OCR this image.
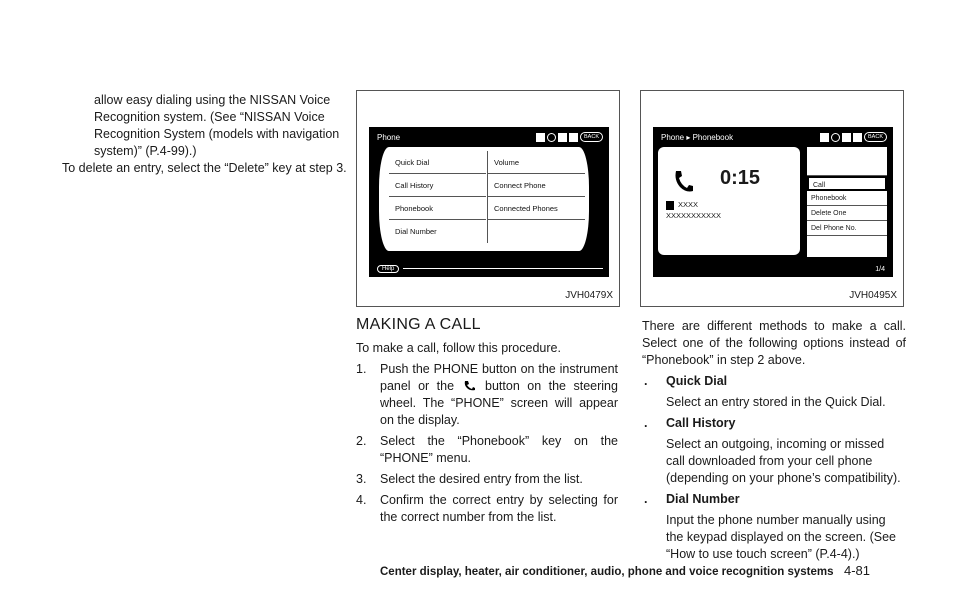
allow easy dialing using the NISSAN Voice
Recognition system. (See “NISSAN Voice
Recognition System (models with navigation
system)” (P.4-99).)

To delete an entry, select the “Delete” key at step 3.

Phone	BACK
Quick Dial
Call History
Phonebook
Dial Number
Volume
Connect Phone
Connected Phones
Help
JVH0479X
Phone ▸ Phonebook	BACK
0:15
XXXX
XXXXXXXXXXX
Call
Phonebook
Delete One
Del Phone No.
1/4
JVH0495X
MAKING A CALL
To make a call, follow this procedure.
1. Push the PHONE button on the instrument panel or the button on the steering wheel. The “PHONE” screen will appear on the display.
2. Select the “Phonebook” key on the “PHONE” menu.
3. Select the desired entry from the list.
4. Confirm the correct entry by selecting for the correct number from the list.
There are different methods to make a call. Select one of the following options instead of “Phonebook” in step 2 above.
. Quick Dial
Select an entry stored in the Quick Dial.
. Call History
Select an outgoing, incoming or missed call downloaded from your cell phone (depending on your phone’s compatibility).
. Dial Number
Input the phone number manually using the keypad displayed on the screen. (See “How to use touch screen” (P.4-4).)
Center display, heater, air conditioner, audio, phone and voice recognition systems 4-81
